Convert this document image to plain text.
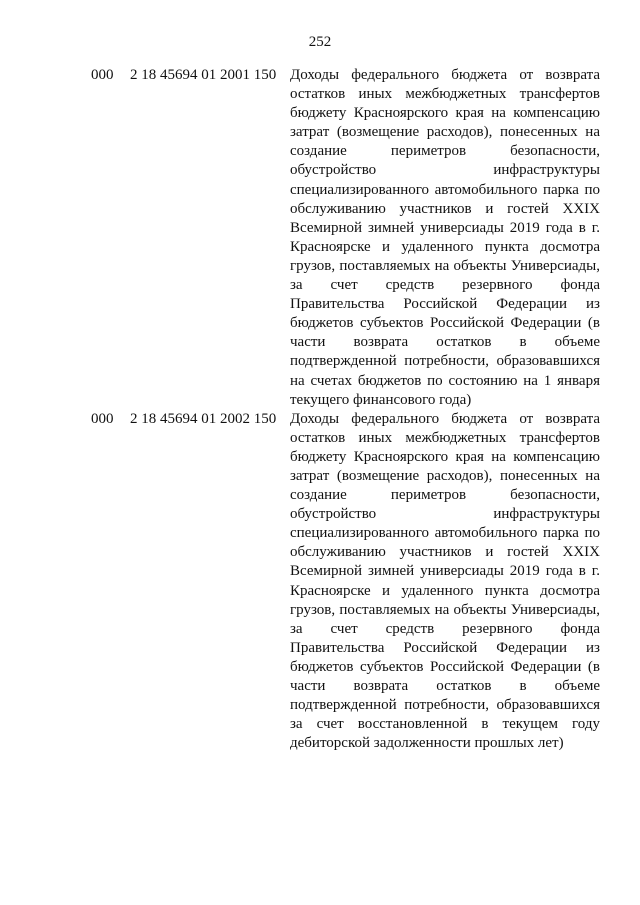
252
000 2 18 45694 01 2001 150 Доходы федерального бюджета от возврата остатков иных межбюджетных трансфертов бюджету Красноярского края на компенсацию затрат (возмещение расходов), понесенных на создание периметров безопасности, обустройство инфраструктуры специализированного автомобильного парка по обслуживанию участников и гостей XXIX Всемирной зимней универсиады 2019 года в г. Красноярске и удаленного пункта досмотра грузов, поставляемых на объекты Универсиады, за счет средств резервного фонда Правительства Российской Федерации из бюджетов субъектов Российской Федерации (в части возврата остатков в объеме подтвержденной потребности, образовавшихся на счетах бюджетов по состоянию на 1 января текущего финансового года)
000 2 18 45694 01 2002 150 Доходы федерального бюджета от возврата остатков иных межбюджетных трансфертов бюджету Красноярского края на компенсацию затрат (возмещение расходов), понесенных на создание периметров безопасности, обустройство инфраструктуры специализированного автомобильного парка по обслуживанию участников и гостей XXIX Всемирной зимней универсиады 2019 года в г. Красноярске и удаленного пункта досмотра грузов, поставляемых на объекты Универсиады, за счет средств резервного фонда Правительства Российской Федерации из бюджетов субъектов Российской Федерации (в части возврата остатков в объеме подтвержденной потребности, образовавшихся за счет восстановленной в текущем году дебиторской задолженности прошлых лет)
